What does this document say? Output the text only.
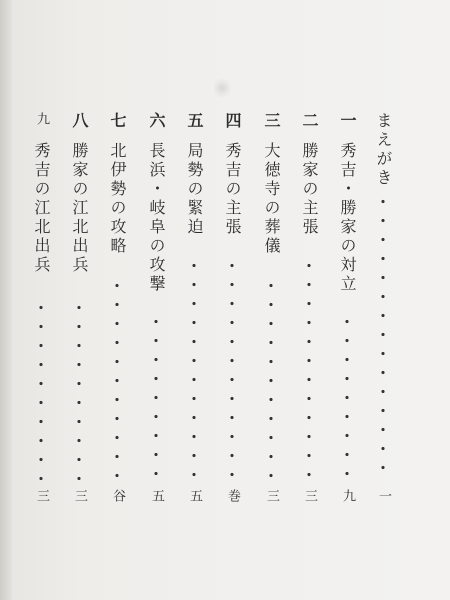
まえがき
一
一
秀吉・勝家の対立
九
二
勝家の主張
三
三
大徳寺の葬儀
三
四
秀吉の主張
巻
五
局勢の緊迫
五
六
長浜・岐阜の攻撃
五
七
北伊勢の攻略
谷
八
勝家の江北出兵
三
九
秀吉の江北出兵
三
